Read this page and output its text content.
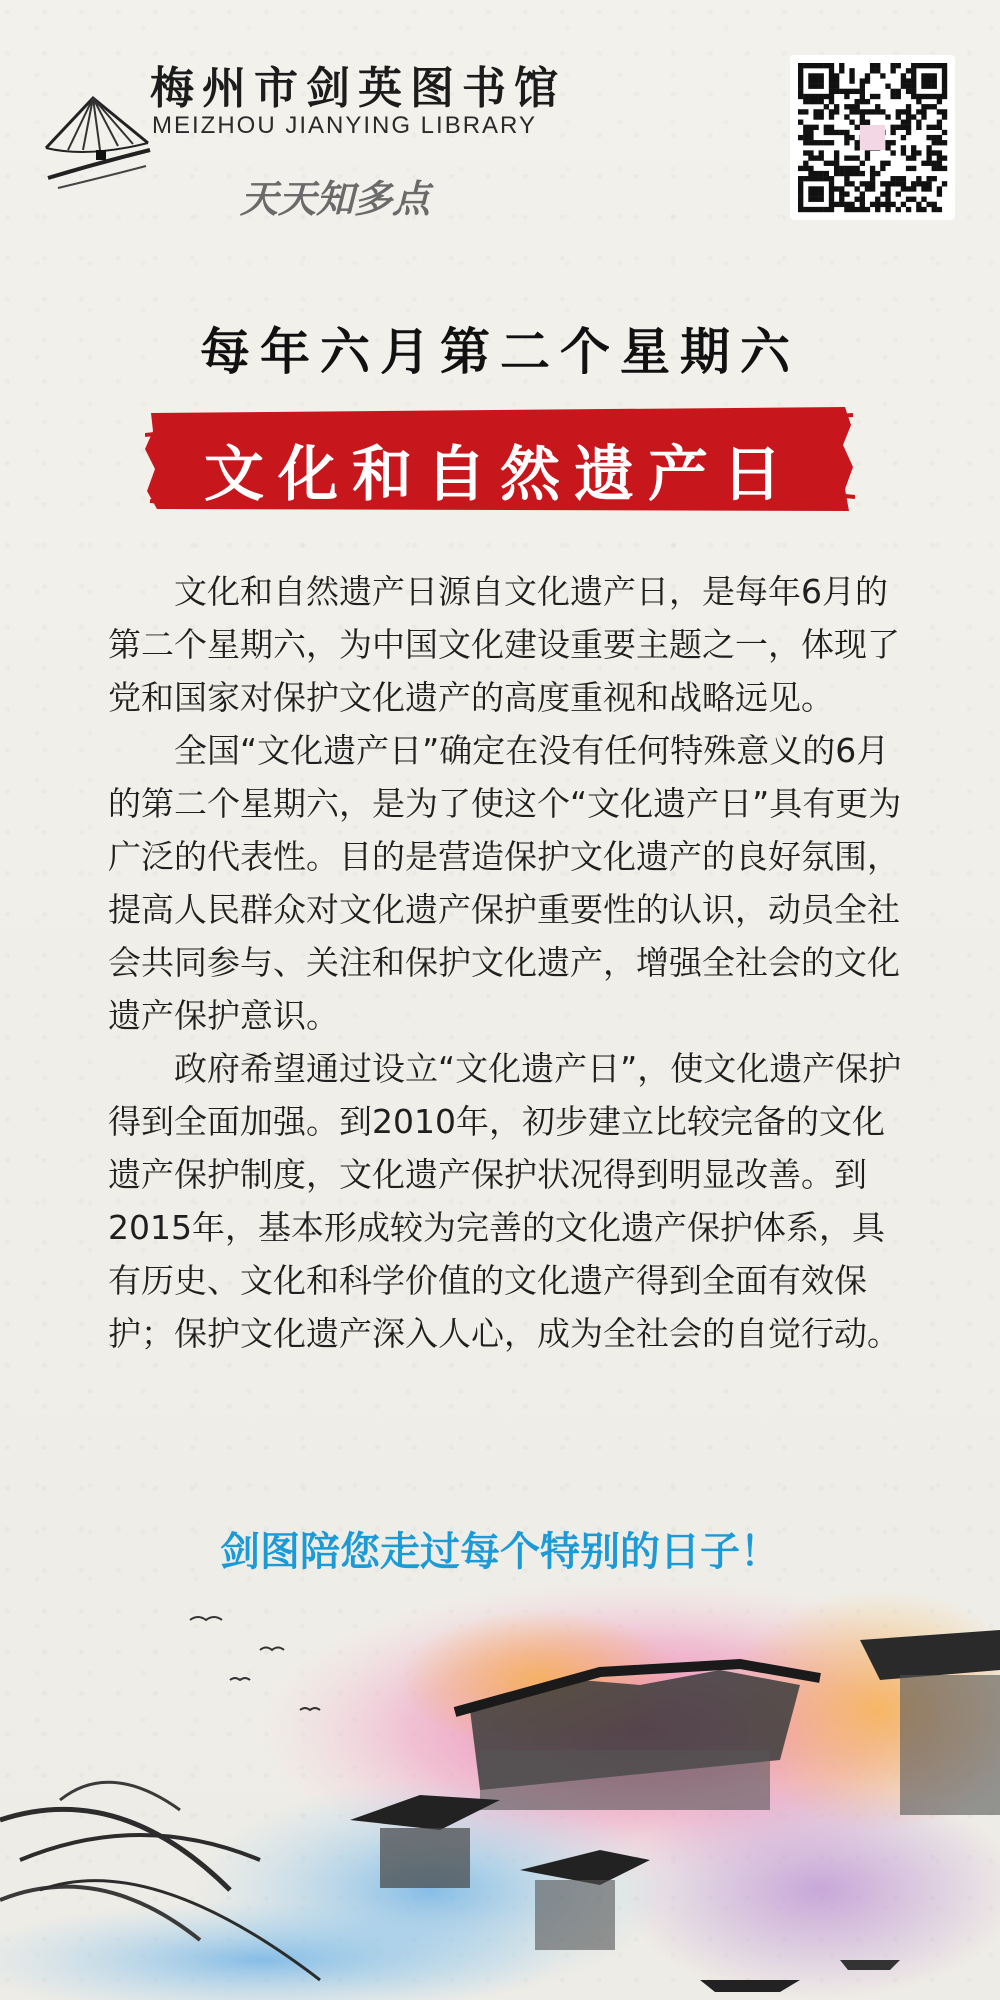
梅州市剑英图书馆
MEIZHOU JIANYING LIBRARY
天天知多点
每年六月第二个星期六
文化和自然遗产日

文化和自然遗产日源自文化遗产日，是每年6月的第二个星期六，为中国文化建设重要主题之一，体现了党和国家对保护文化遗产的高度重视和战略远见。

全国“文化遗产日”确定在没有任何特殊意义的6月的第二个星期六，是为了使这个“文化遗产日”具有更为广泛的代表性。目的是营造保护文化遗产的良好氛围，提高人民群众对文化遗产保护重要性的认识，动员全社会共同参与、关注和保护文化遗产，增强全社会的文化遗产保护意识。

政府希望通过设立“文化遗产日”，使文化遗产保护得到全面加强。到2010年，初步建立比较完备的文化遗产保护制度，文化遗产保护状况得到明显改善。到 2015年，基本形成较为完善的文化遗产保护体系，具有历史、文化和科学价值的文化遗产得到全面有效保护；保护文化遗产深入人心，成为全社会的自觉行动。

剑图陪您走过每个特别的日子！
